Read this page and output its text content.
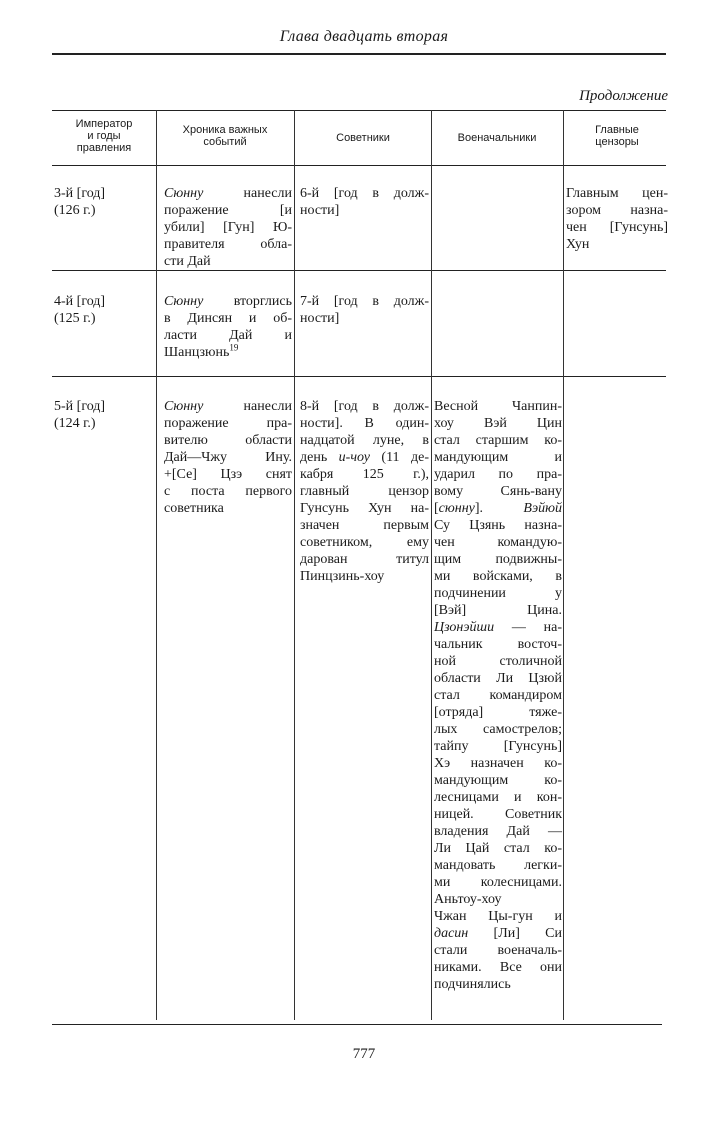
Глава двадцать вторая
Продолжение
Император
и годы
правления
Хроника важных
событий	Советники	Военачальники
Главные
цензоры
3-й [год]
(126 г.)
Сюнну нанесли
поражение [и
убили] [Гун] Ю-
правителя обла-
сти Дай
6-й [год в долж-
ности]
Главным цен-
зором назна-
чен [Гунсунь]
Хун
4-й [год]
(125 г.)
Сюнну вторглись
в Динсян и об-
ласти Дай и
Шанцзюнь$^{19}$
7-й [год в долж-
ности]
5-й [год]
(124 г.)
Сюнну нанесли
поражение пра-
вителю области
Дай—Чжу Ину.
+[Се] Цзэ снят
с поста первого
советника
8-й [год в долж-
ности]. В один-
надцатой луне, в
день и-чоу (11 де-
кабря 125 г.),
главный цензор
Гунсунь Хун на-
значен первым
советником, ему
дарован титул
Пинцзинь-хоу
Весной Чанпин-
хоу Вэй Цин
стал старшим ко-
мандующим и
ударил по пра-
вому Сянь-вану
[сюнну]. Вэйюй
Су Цзянь назна-
чен командую-
щим подвижны-
ми войсками, в
подчинении у
[Вэй] Цина.
Цзонэйши — на-
чальник восточ-
ной столичной
области Ли Цзюй
стал командиром
[отряда] тяже-
лых самострелов;
тайпу [Гунсунь]
Хэ назначен ко-
мандующим ко-
лесницами и кон-
ницей. Советник
владения Дай —
Ли Цай стал ко-
мандовать легки-
ми колесницами.
Аньтоу-хоу
Чжан Цы-гун и
дасин [Ли] Си
стали военачаль-
никами. Все они
подчинялись
777
